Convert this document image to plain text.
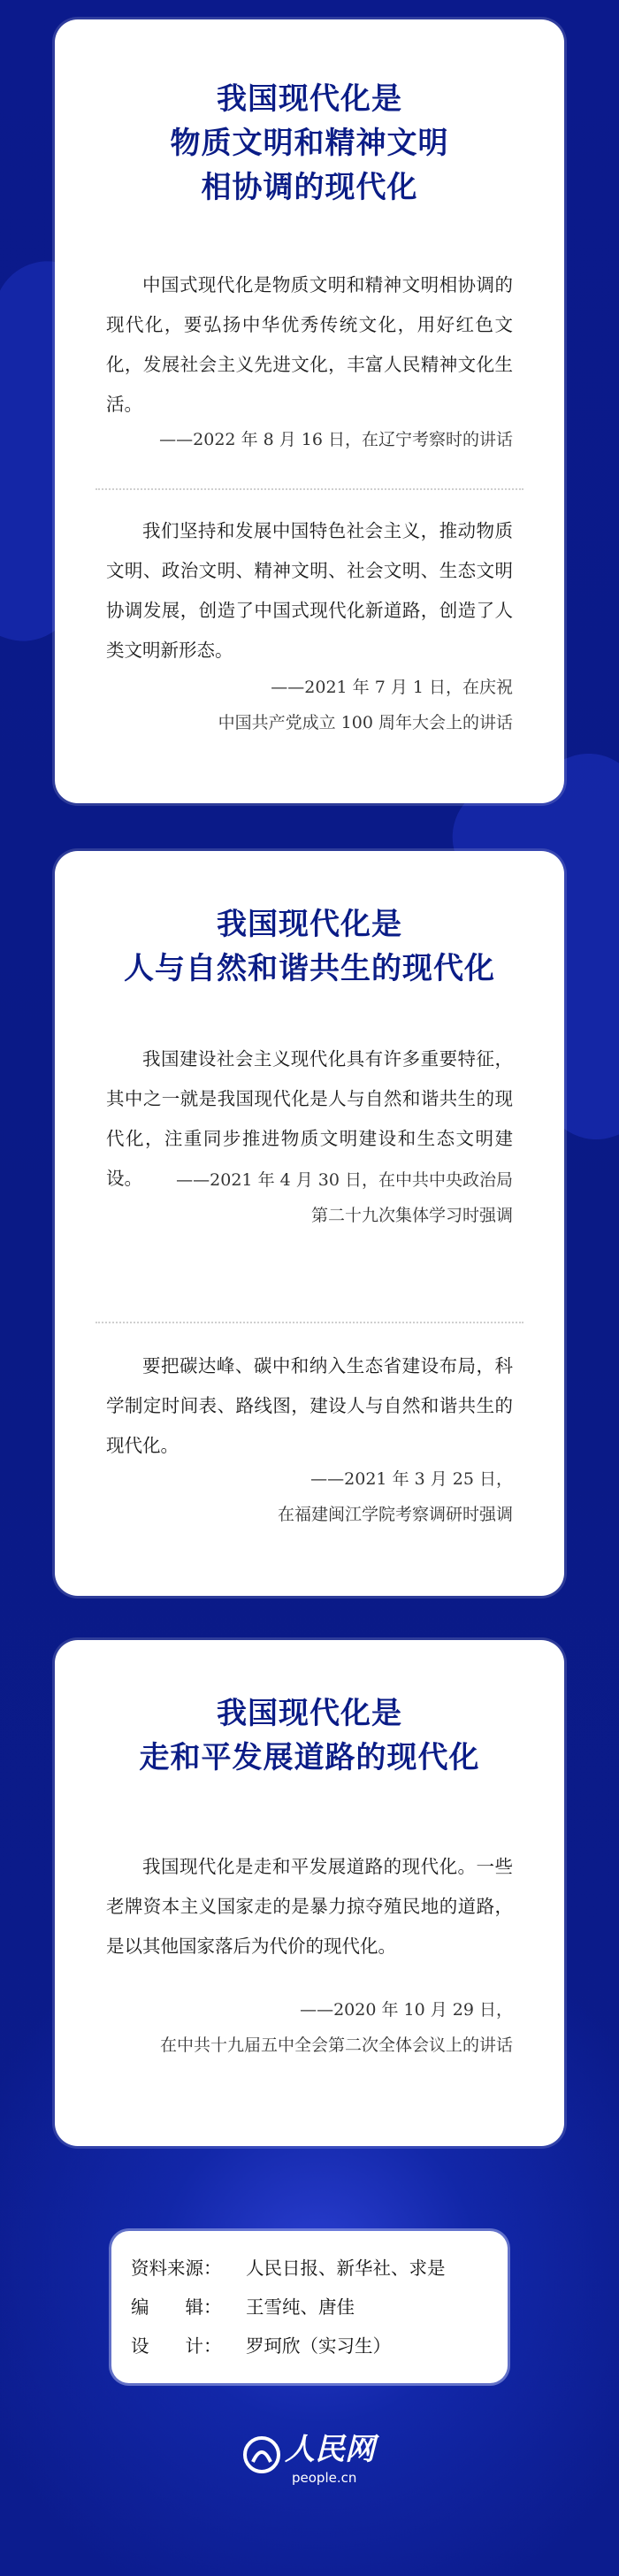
我国现代化是
物质文明和精神文明
相协调的现代化

中国式现代化是物质文明和精神文明相协调的现代化，要弘扬中华优秀传统文化，用好红色文化，发展社会主义先进文化，丰富人民精神文化生活。

——2022 年 8 月 16 日，在辽宁考察时的讲话

我们坚持和发展中国特色社会主义，推动物质文明、政治文明、精神文明、社会文明、生态文明协调发展，创造了中国式现代化新道路，创造了人类文明新形态。

——2021 年 7 月 1 日，在庆祝
中国共产党成立 100 周年大会上的讲话
我国现代化是
人与自然和谐共生的现代化

我国建设社会主义现代化具有许多重要特征，其中之一就是我国现代化是人与自然和谐共生的现代化，注重同步推进物质文明建设和生态文明建设。	——2021 年 4 月 30 日，在中共中央政治局
第二十九次集体学习时强调

要把碳达峰、碳中和纳入生态省建设布局，科学制定时间表、路线图，建设人与自然和谐共生的现代化。

——2021 年 3 月 25 日，
在福建闽江学院考察调研时强调
我国现代化是
走和平发展道路的现代化

我国现代化是走和平发展道路的现代化。一些老牌资本主义国家走的是暴力掠夺殖民地的道路，是以其他国家落后为代价的现代化。

——2020 年 10 月 29 日，
在中共十九届五中全会第二次全体会议上的讲话
资料来源：	人民日报、新华社、求是
编　　辑：	王雪纯、唐佳
设　　计：	罗珂欣（实习生）
人民网
people.cn
